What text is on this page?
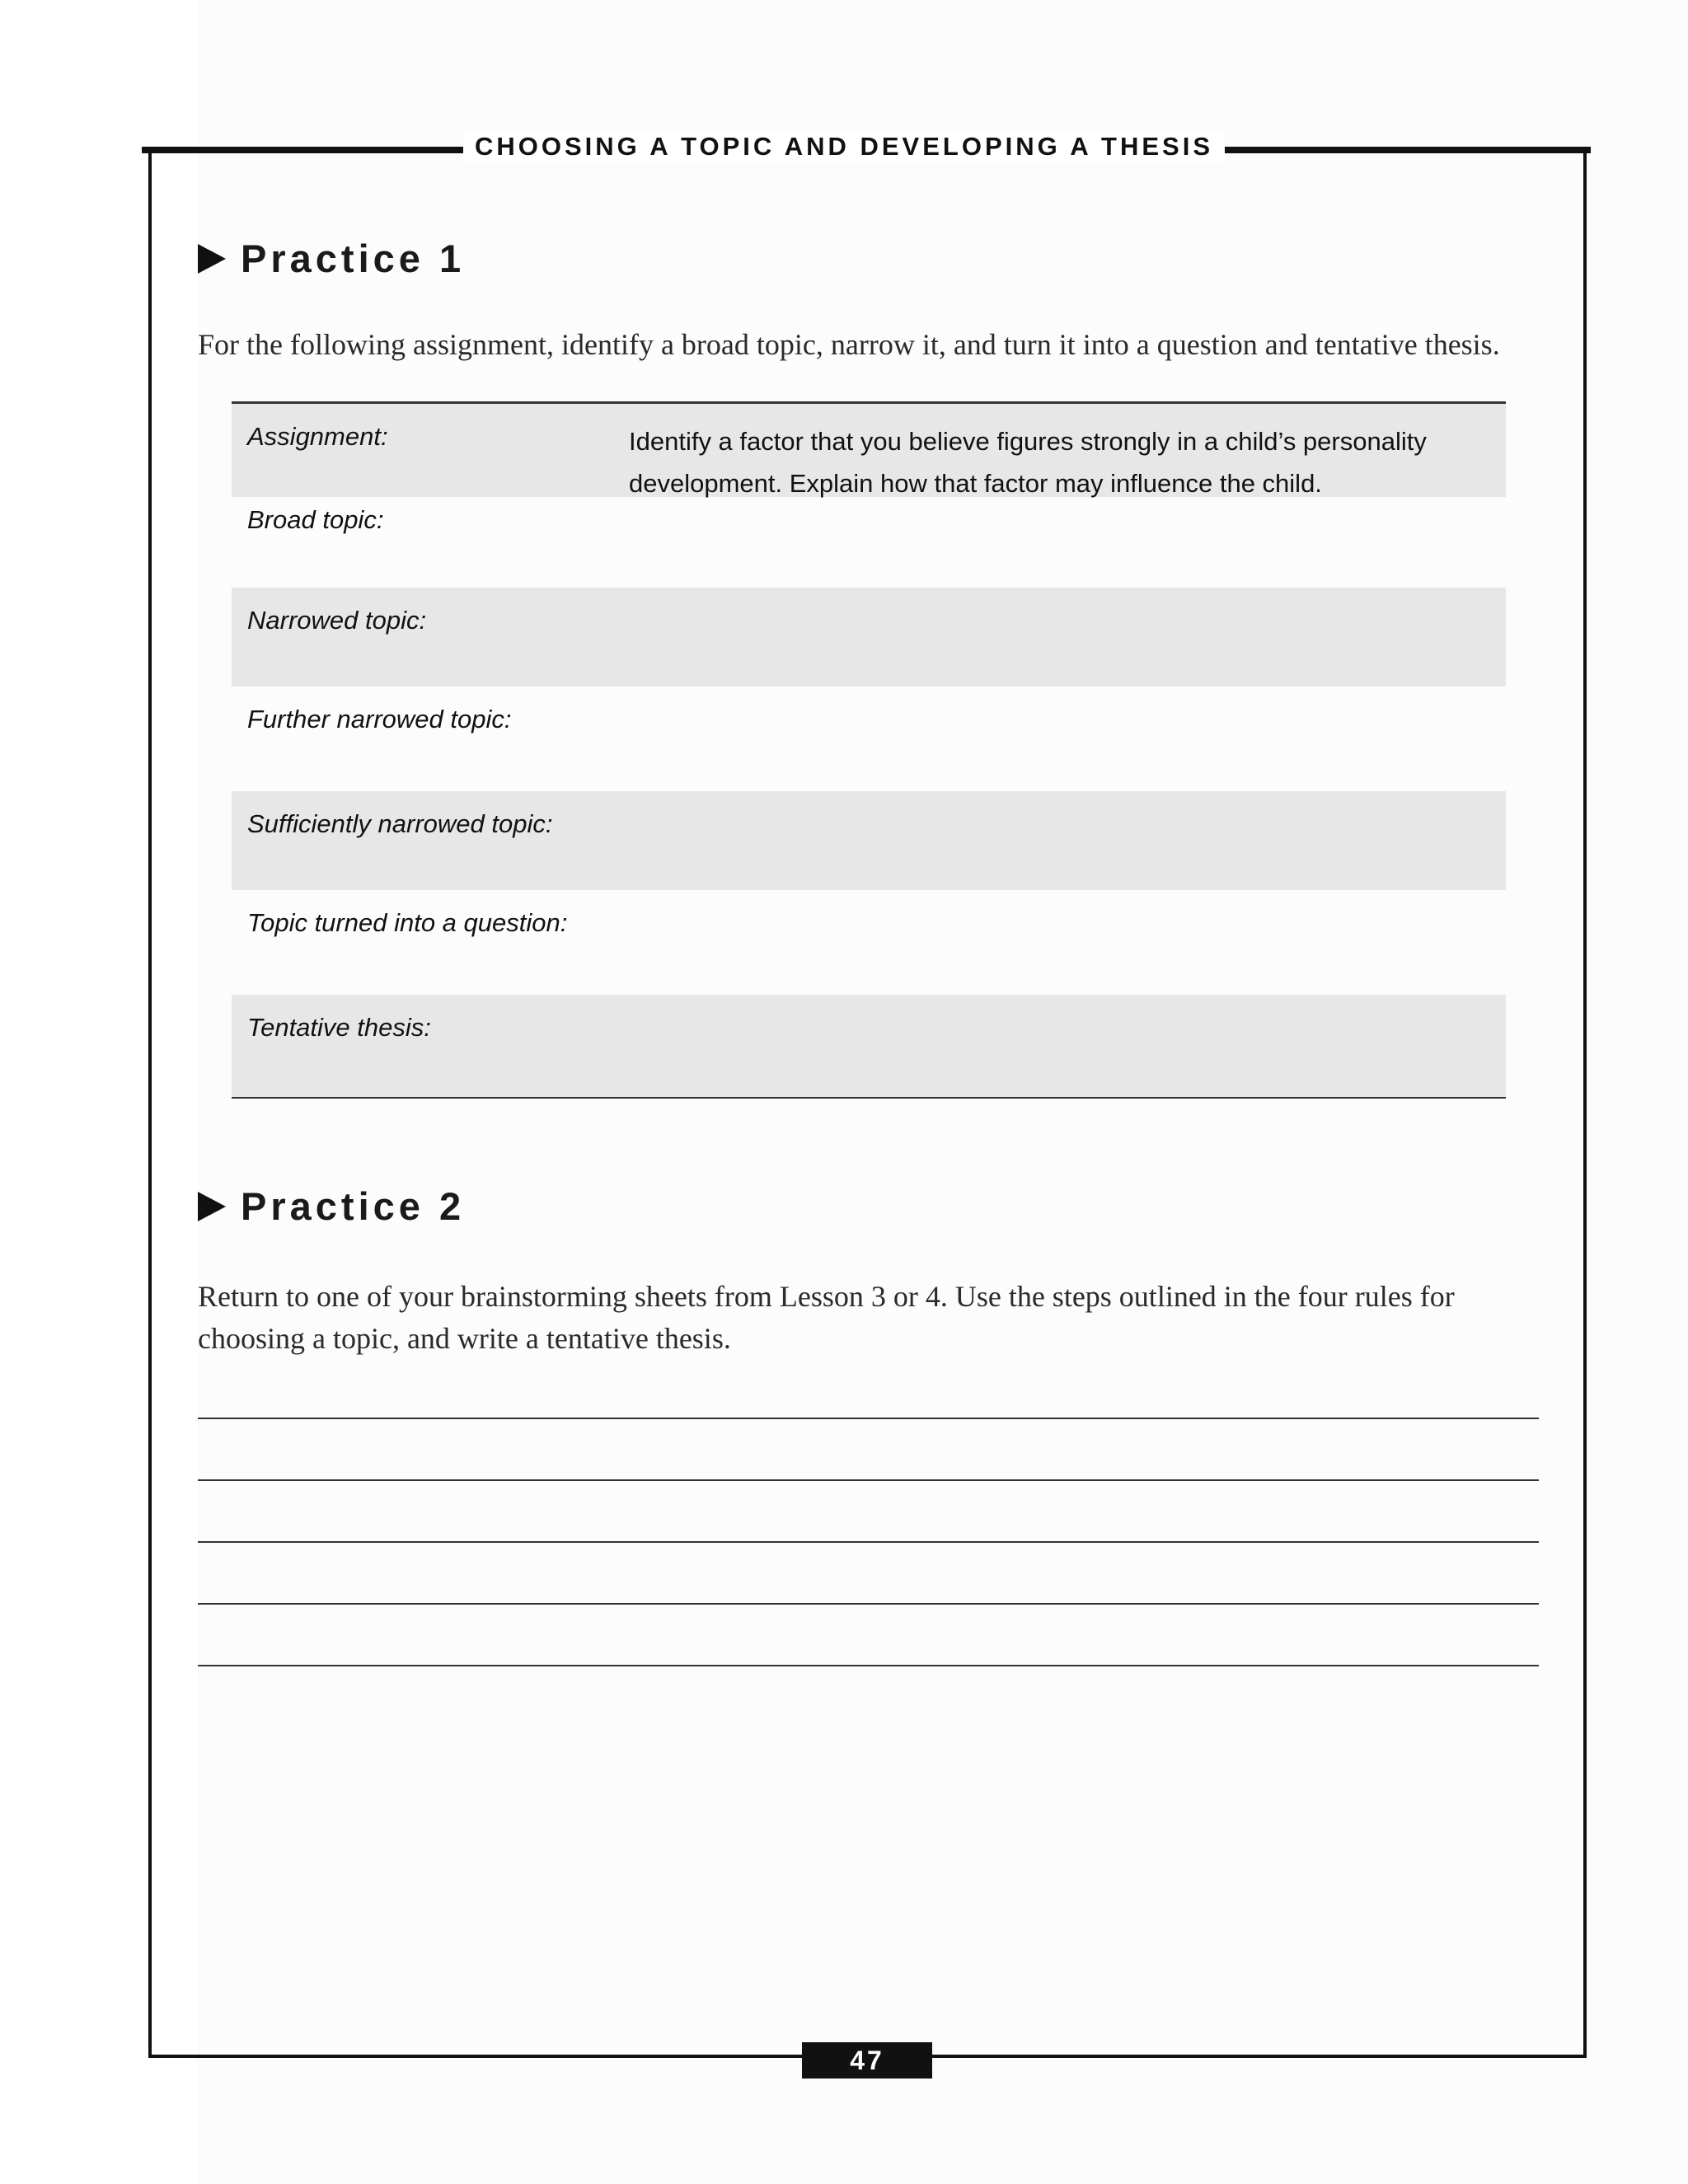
CHOOSING A TOPIC AND DEVELOPING A THESIS
Practice 1
For the following assignment, identify a broad topic, narrow it, and turn it into a question and tentative thesis.
Assignment:	Identify a factor that you believe figures strongly in a child’s personality development. Explain how that factor may influence the child.
Broad topic:
Narrowed topic:
Further narrowed topic:
Sufficiently narrowed topic:
Topic turned into a question:
Tentative thesis:
Practice 2
Return to one of your brainstorming sheets from Lesson 3 or 4. Use the steps outlined in the four rules for choosing a topic, and write a tentative thesis.
47
